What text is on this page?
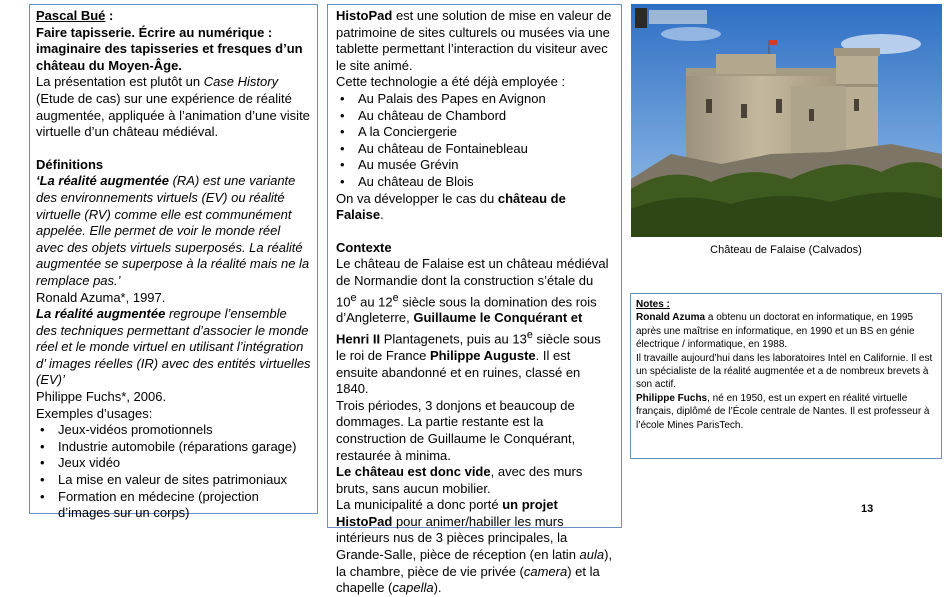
Pascal Bué :

Faire tapisserie. Écrire au numérique : imaginaire des tapisseries et fresques d’un château du Moyen-Âge.

La présentation est plutôt un Case History (Etude de cas) sur une expérience de réalité augmentée, appliquée à l’animation d’une visite virtuelle d’un château médiéval.

Définitions

‘La réalité augmentée (RA) est une variante des environnements virtuels (EV) ou réalité virtuelle (RV) comme elle est communément appelée. Elle permet de voir le monde réel avec des objets virtuels superposés. La réalité augmentée se superpose à la réalité mais ne la remplace pas.’

Ronald Azuma*, 1997.

La réalité augmentée regroupe l’ensemble des techniques permettant d’associer le monde réel et le monde virtuel en utilisant l’intégration d’ images réelles (IR) avec des entités virtuelles (EV)’

Philippe Fuchs*, 2006.

Exemples d’usages:

• Jeux-vidéos promotionnels
• Industrie automobile (réparations garage)
• Jeux vidéo
• La mise en valeur de sites patrimoniaux
• Formation en médecine (projection d’images sur un corps)

HistoPad est une solution de mise en valeur de patrimoine de sites culturels ou musées via une tablette permettant l’interaction du visiteur avec le site animé.

Cette technologie a été déjà employée :

• Au Palais des Papes en Avignon
• Au château de Chambord
• A la Conciergerie
• Au château de Fontainebleau
• Au musée Grévin
• Au château de Blois

On va développer le cas du château de Falaise.

Contexte

Le château de Falaise est un château médiéval de Normandie dont la construction s’étale du 10e au 12e siècle sous la domination des rois d’Angleterre, Guillaume le Conquérant et Henri II Plantagenets, puis au 13e siècle sous le roi de France Philippe Auguste. Il est ensuite abandonné et en ruines, classé en 1840.

Trois périodes, 3 donjons et beaucoup de dommages. La partie restante est la construction de Guillaume le Conquérant, restaurée à minima.

Le château est donc vide, avec des murs bruts, sans aucun mobilier.

La municipalité a donc porté un projet HistoPad pour animer/habiller les murs intérieurs nus de 3 pièces principales, la Grande-Salle, pièce de réception (en latin aula), la chambre, pièce de vie privée (camera) et la chapelle (capella).

Château de Falaise (Calvados)

Notes :

Ronald Azuma a obtenu un doctorat en informatique, en 1995 après une maîtrise en informatique, en 1990 et un BS en génie électrique / informatique, en 1988.

Il travaille aujourd’hui dans les laboratoires Intel en Californie. Il est un spécialiste de la réalité augmentée et a de nombreux brevets à son actif.

Philippe Fuchs, né en 1950, est un expert en réalité virtuelle français, diplômé de l’École centrale de Nantes. Il est professeur à l’école Mines ParisTech.

13
